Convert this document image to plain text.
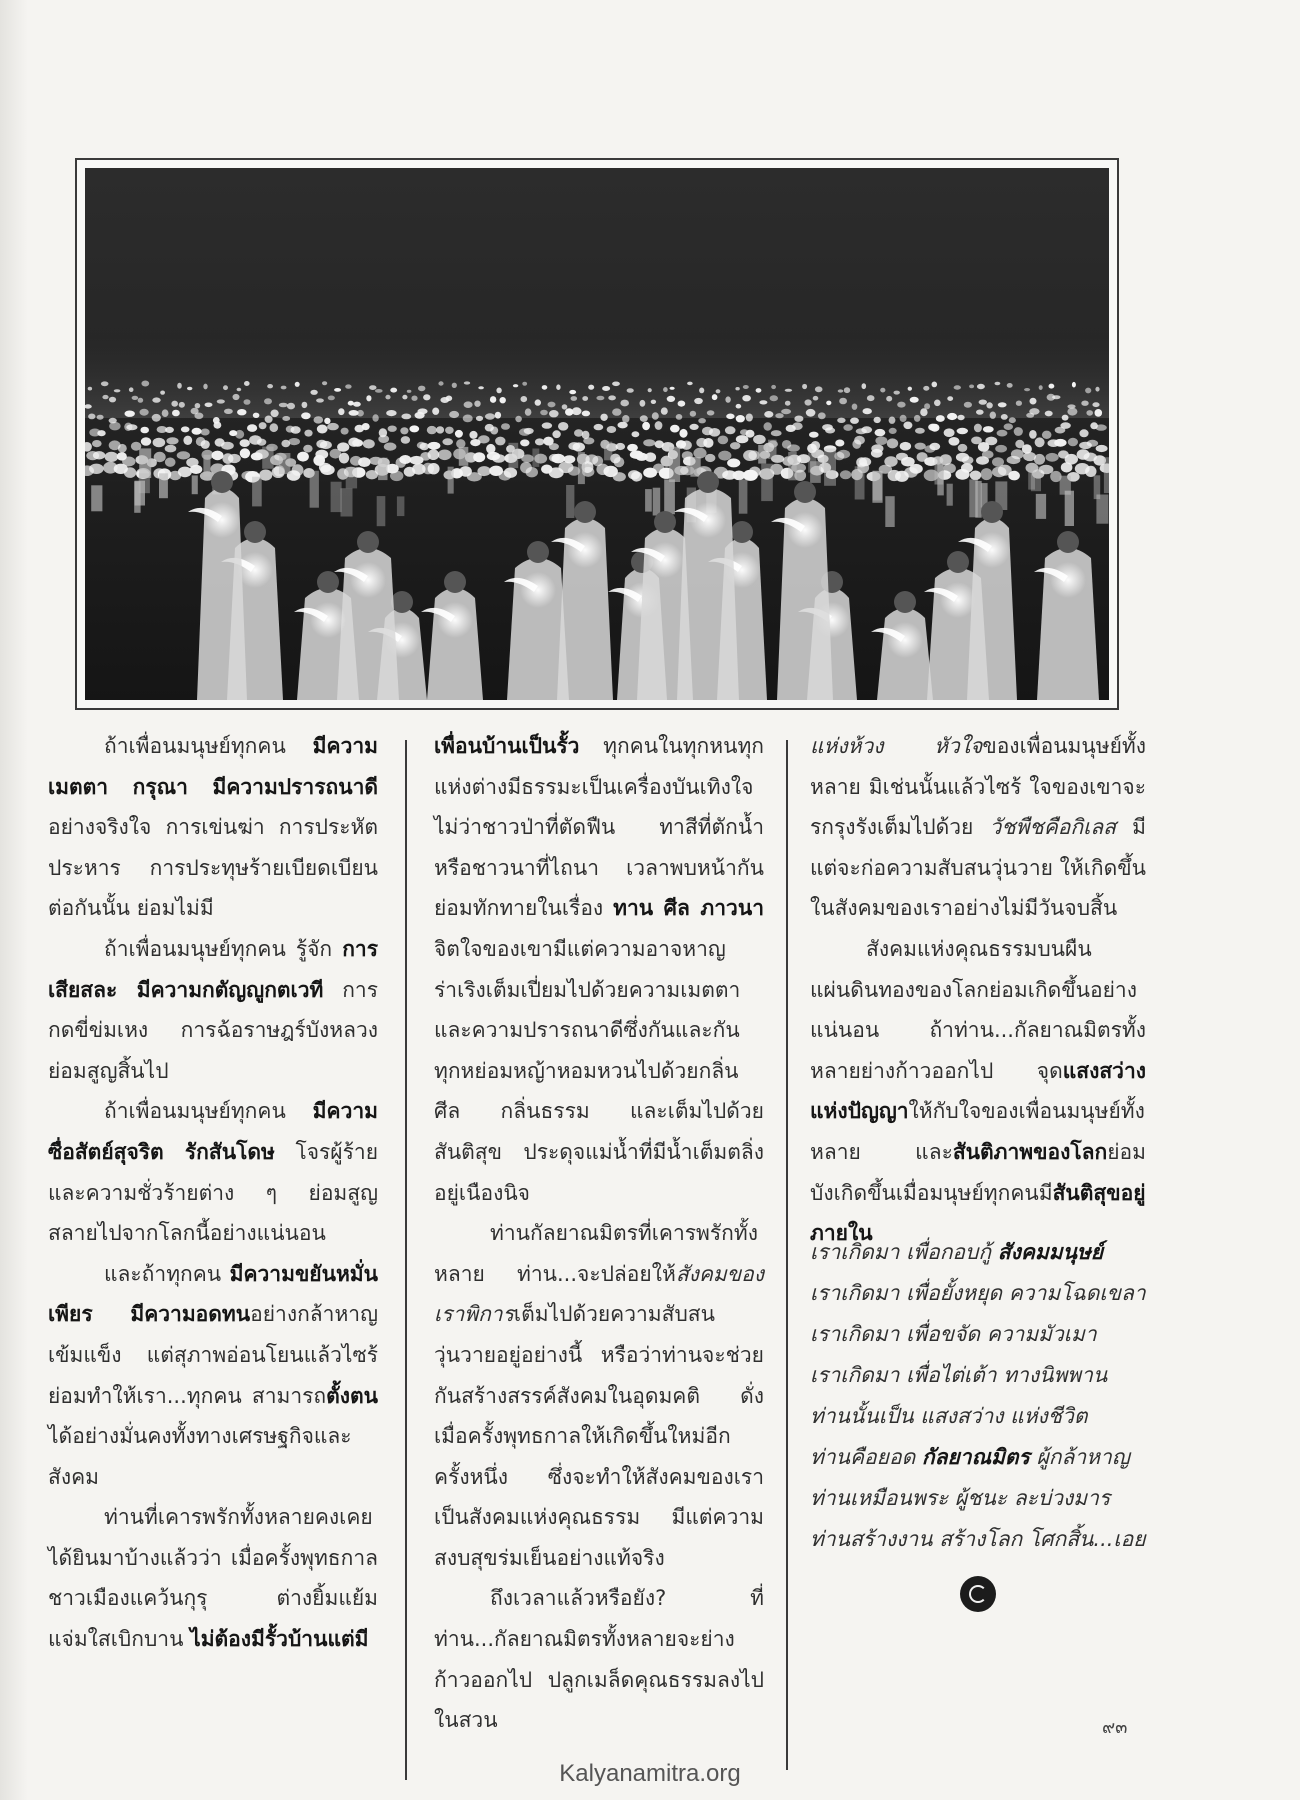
ถ้าเพื่อนมนุษย์ทุกคน มีความเมตตา กรุณา มีความปรารถนาดีอย่างจริงใจ การเข่นฆ่า การประหัตประหาร การประทุษร้ายเบียดเบียนต่อกันนั้น ย่อมไม่มี

ถ้าเพื่อนมนุษย์ทุกคน รู้จัก การเสียสละ มีความกตัญญูกตเวที การกดขี่ข่มเหง การฉ้อราษฎร์บังหลวง ย่อมสูญสิ้นไป

ถ้าเพื่อนมนุษย์ทุกคน มีความซื่อสัตย์สุจริต รักสันโดษ โจรผู้ร้ายและความชั่วร้ายต่าง ๆ ย่อมสูญสลายไปจากโลกนี้อย่างแน่นอน

และถ้าทุกคน มีความขยันหมั่นเพียร มีความอดทนอย่างกล้าหาญเข้มแข็ง แต่สุภาพอ่อนโยนแล้วไซร้ ย่อมทำให้เรา...ทุกคน สามารถตั้งตนได้อย่างมั่นคงทั้งทางเศรษฐกิจและสังคม

ท่านที่เคารพรักทั้งหลายคงเคยได้ยินมาบ้างแล้วว่า เมื่อครั้งพุทธกาลชาวเมืองแคว้นกุรุ ต่างยิ้มแย้มแจ่มใสเบิกบาน ไม่ต้องมีรั้วบ้านแต่มี

เพื่อนบ้านเป็นรั้ว ทุกคนในทุกหนทุกแห่งต่างมีธรรมะเป็นเครื่องบันเทิงใจ ไม่ว่าชาวป่าที่ตัดฟืน ทาสีที่ตักน้ำ หรือชาวนาที่ไถนา เวลาพบหน้ากันย่อมทักทายในเรื่อง ทาน ศีล ภาวนา จิตใจของเขามีแต่ความอาจหาญร่าเริงเต็มเปี่ยมไปด้วยความเมตตาและความปรารถนาดีซึ่งกันและกัน ทุกหย่อมหญ้าหอมหวนไปด้วยกลิ่นศีล กลิ่นธรรม และเต็มไปด้วยสันติสุข ประดุจแม่น้ำที่มีน้ำเต็มตลิ่งอยู่เนืองนิจ

ท่านกัลยาณมิตรที่เคารพรักทั้งหลาย ท่าน...จะปล่อยให้สังคมของเราพิการเต็มไปด้วยความสับสนวุ่นวายอยู่อย่างนี้ หรือว่าท่านจะช่วยกันสร้างสรรค์สังคมในอุดมคติ ดั่งเมื่อครั้งพุทธกาลให้เกิดขึ้นใหม่อีกครั้งหนึ่ง ซึ่งจะทำให้สังคมของเราเป็นสังคมแห่งคุณธรรม มีแต่ความสงบสุขร่มเย็นอย่างแท้จริง

ถึงเวลาแล้วหรือยัง? ที่ท่าน...กัลยาณมิตรทั้งหลายจะย่างก้าวออกไป ปลูกเมล็ดคุณธรรมลงไปในสวน

แห่งห้วง หัวใจของเพื่อนมนุษย์ทั้งหลาย มิเช่นนั้นแล้วไซร้ ใจของเขาจะรกรุงรังเต็มไปด้วย วัชพืชคือกิเลส มีแต่จะก่อความสับสนวุ่นวาย ให้เกิดขึ้นในสังคมของเราอย่างไม่มีวันจบสิ้น

สังคมแห่งคุณธรรมบนผืนแผ่นดินทองของโลกย่อมเกิดขึ้นอย่างแน่นอน ถ้าท่าน...กัลยาณมิตรทั้งหลายย่างก้าวออกไป จุดแสงสว่างแห่งปัญญาให้กับใจของเพื่อนมนุษย์ทั้งหลาย และสันติภาพของโลกย่อมบังเกิดขึ้นเมื่อมนุษย์ทุกคนมีสันติสุขอยู่ภายใน

เราเกิดมา เพื่อกอบกู้ สังคมมนุษย์
เราเกิดมา เพื่อยั้งหยุด ความโฉดเขลา
เราเกิดมา เพื่อขจัด ความมัวเมา
เราเกิดมา เพื่อไต่เต้า ทางนิพพาน
ท่านนั้นเป็น แสงสว่าง แห่งชีวิต
ท่านคือยอด กัลยาณมิตร ผู้กล้าหาญ
ท่านเหมือนพระ ผู้ชนะ ละบ่วงมาร
ท่านสร้างงาน สร้างโลก โศกสิ้น...เอย
๙๓
Kalyanamitra.org
